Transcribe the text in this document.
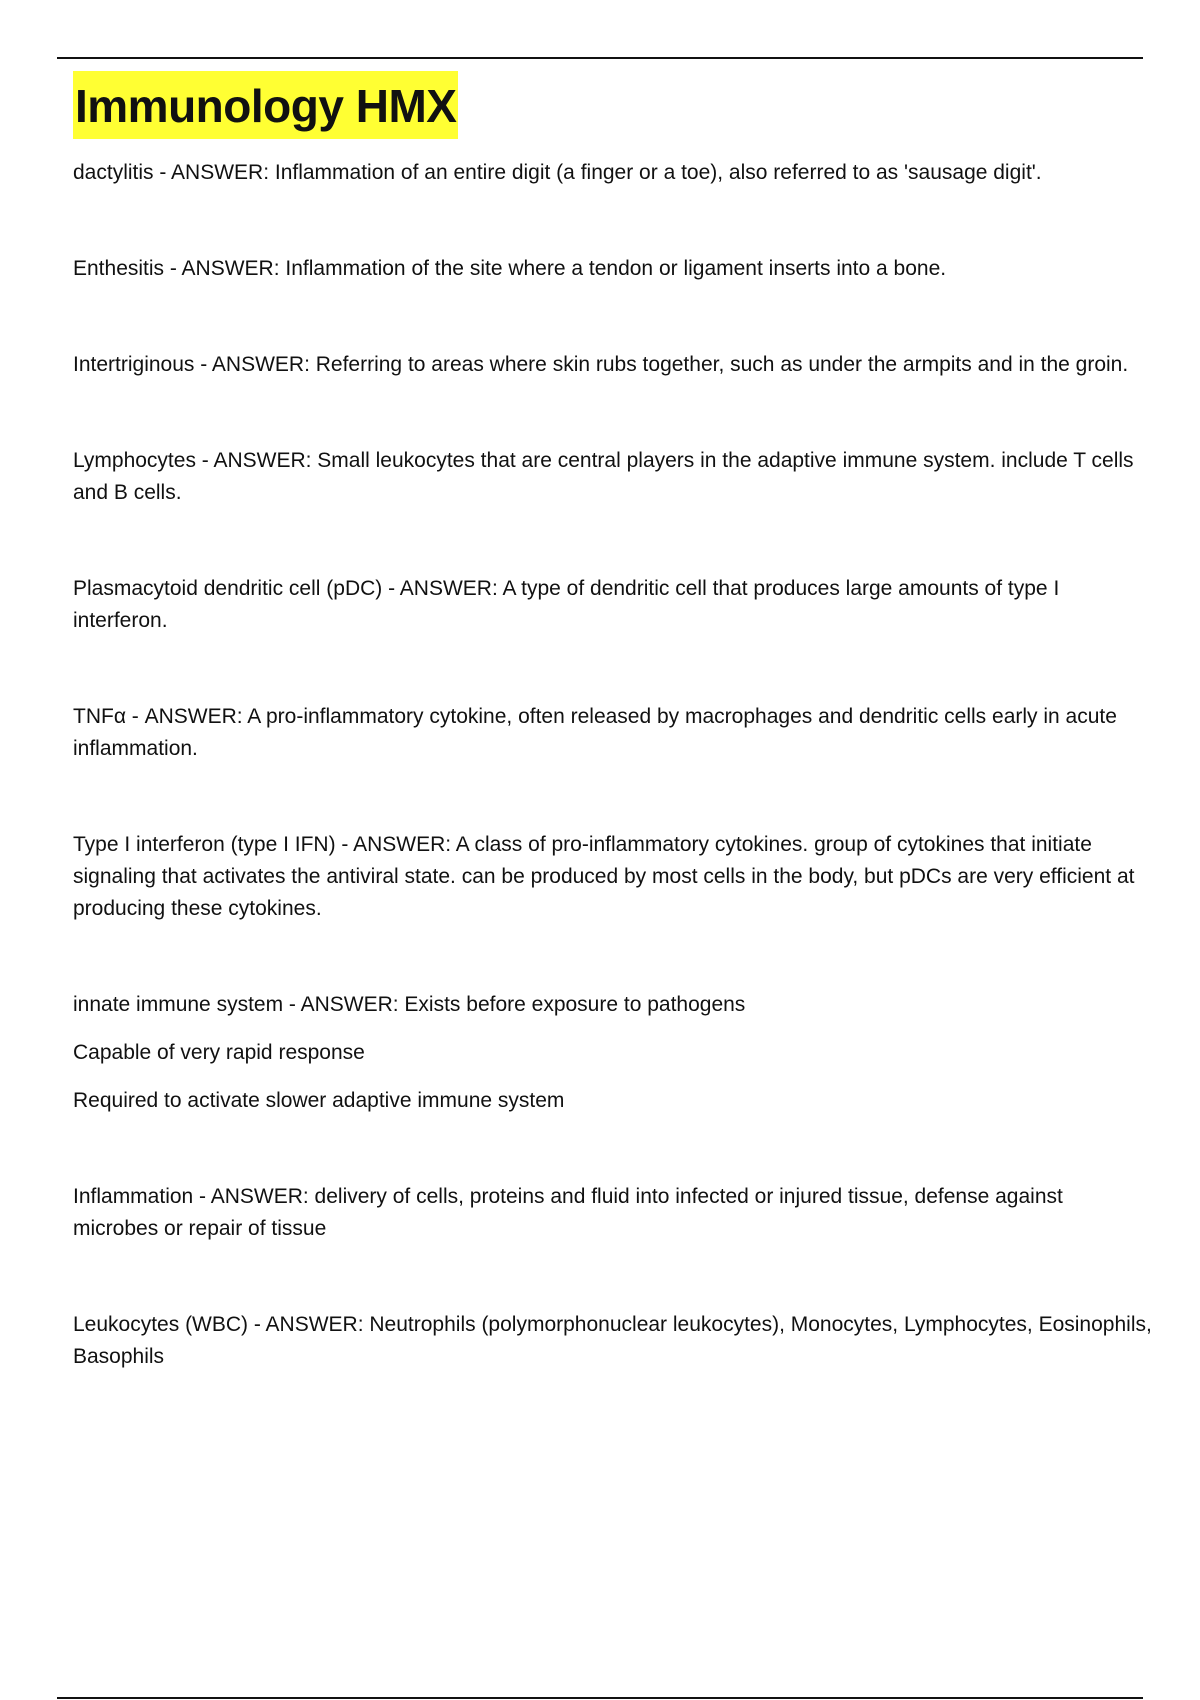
Immunology HMX
dactylitis - ANSWER: Inflammation of an entire digit (a finger or a toe), also referred to as 'sausage digit'.
Enthesitis - ANSWER: Inflammation of the site where a tendon or ligament inserts into a bone.
Intertriginous - ANSWER: Referring to areas where skin rubs together, such as under the armpits and in the groin.
Lymphocytes - ANSWER: Small leukocytes that are central players in the adaptive immune system. include T cells and B cells.
Plasmacytoid dendritic cell (pDC) - ANSWER: A type of dendritic cell that produces large amounts of type I interferon.
TNFα - ANSWER: A pro-inflammatory cytokine, often released by macrophages and dendritic cells early in acute inflammation.
Type I interferon (type I IFN) - ANSWER: A class of pro-inflammatory cytokines. group of cytokines that initiate signaling that activates the antiviral state. can be produced by most cells in the body, but pDCs are very efficient at producing these cytokines.
innate immune system - ANSWER: Exists before exposure to pathogens
Capable of very rapid response
Required to activate slower adaptive immune system
Inflammation - ANSWER: delivery of cells, proteins and fluid into infected or injured tissue, defense against microbes or repair of tissue
Leukocytes (WBC) - ANSWER: Neutrophils (polymorphonuclear leukocytes), Monocytes, Lymphocytes, Eosinophils, Basophils
